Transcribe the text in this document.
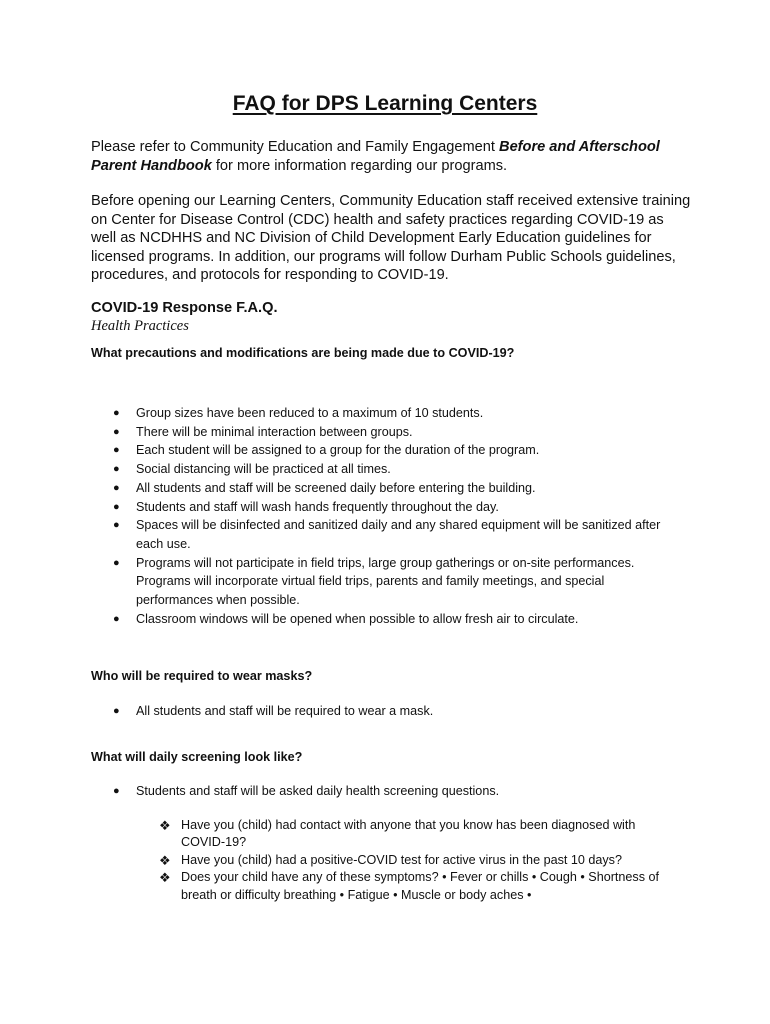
FAQ for DPS Learning Centers

Please refer to Community Education and Family Engagement Before and Afterschool Parent Handbook for more information regarding our programs.

Before opening our Learning Centers, Community Education staff received extensive training on Center for Disease Control (CDC) health and safety practices regarding COVID-19 as well as NCDHHS and NC Division of Child Development Early Education guidelines for licensed programs. In addition, our programs will follow Durham Public Schools guidelines, procedures, and protocols for responding to COVID-19.

COVID-19 Response F.A.Q.

Health Practices

What precautions and modifications are being made due to COVID-19?

● Group sizes have been reduced to a maximum of 10 students.
● There will be minimal interaction between groups.
● Each student will be assigned to a group for the duration of the program.
● Social distancing will be practiced at all times.
● All students and staff will be screened daily before entering the building.
● Students and staff will wash hands frequently throughout the day.
● Spaces will be disinfected and sanitized daily and any shared equipment will be sanitized after each use.
● Programs will not participate in field trips, large group gatherings or on-site performances. Programs will incorporate virtual field trips, parents and family meetings, and special performances when possible.
● Classroom windows will be opened when possible to allow fresh air to circulate.

Who will be required to wear masks?

● All students and staff will be required to wear a mask.

What will daily screening look like?

● Students and staff will be asked daily health screening questions.
❖ Have you (child) had contact with anyone that you know has been diagnosed with COVID-19?
❖ Have you (child) had a positive-COVID test for active virus in the past 10 days?
❖ Does your child have any of these symptoms? • Fever or chills • Cough • Shortness of breath or difficulty breathing • Fatigue • Muscle or body aches •
